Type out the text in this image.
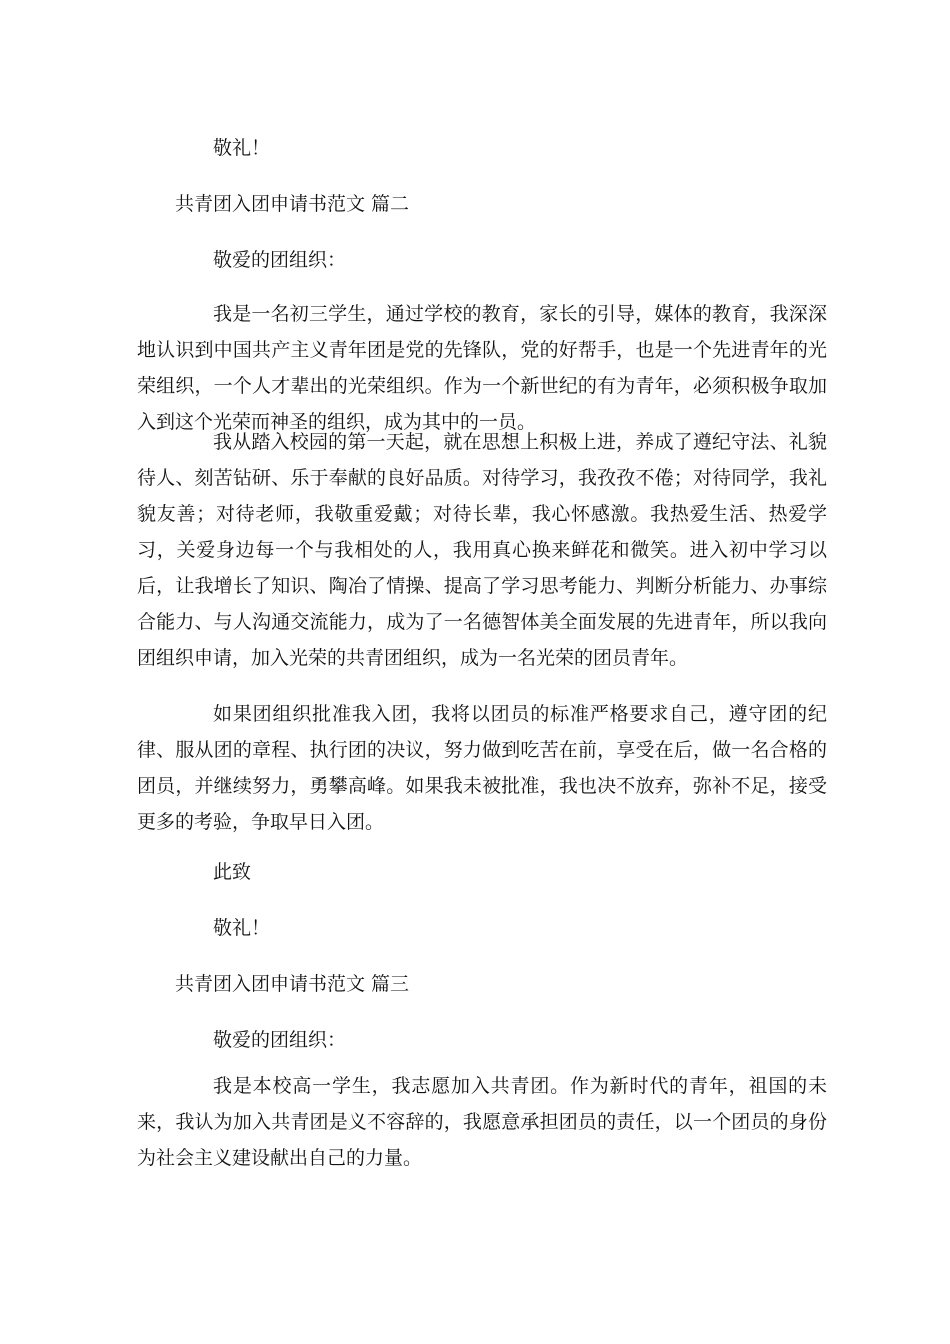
敬礼！

共青团入团申请书范文 篇二

敬爱的团组织：

我是一名初三学生，通过学校的教育，家长的引导，媒体的教育，我深深地认识到中国共产主义青年团是党的先锋队，党的好帮手，也是一个先进青年的光荣组织，一个人才辈出的光荣组织。作为一个新世纪的有为青年，必须积极争取加入到这个光荣而神圣的组织，成为其中的一员。

我从踏入校园的第一天起，就在思想上积极上进，养成了遵纪守法、礼貌待人、刻苦钻研、乐于奉献的良好品质。对待学习，我孜孜不倦；对待同学，我礼貌友善；对待老师，我敬重爱戴；对待长辈，我心怀感激。我热爱生活、热爱学习，关爱身边每一个与我相处的人，我用真心换来鲜花和微笑。进入初中学习以后，让我增长了知识、陶冶了情操、提高了学习思考能力、判断分析能力、办事综合能力、与人沟通交流能力，成为了一名德智体美全面发展的先进青年，所以我向团组织申请，加入光荣的共青团组织，成为一名光荣的团员青年。

如果团组织批准我入团，我将以团员的标准严格要求自己，遵守团的纪律、服从团的章程、执行团的决议，努力做到吃苦在前，享受在后，做一名合格的团员，并继续努力，勇攀高峰。如果我未被批准，我也决不放弃，弥补不足，接受更多的考验，争取早日入团。

此致

敬礼！

共青团入团申请书范文 篇三

敬爱的团组织：

我是本校高一学生，我志愿加入共青团。作为新时代的青年，祖国的未来，我认为加入共青团是义不容辞的，我愿意承担团员的责任，以一个团员的身份为社会主义建设献出自己的力量。
